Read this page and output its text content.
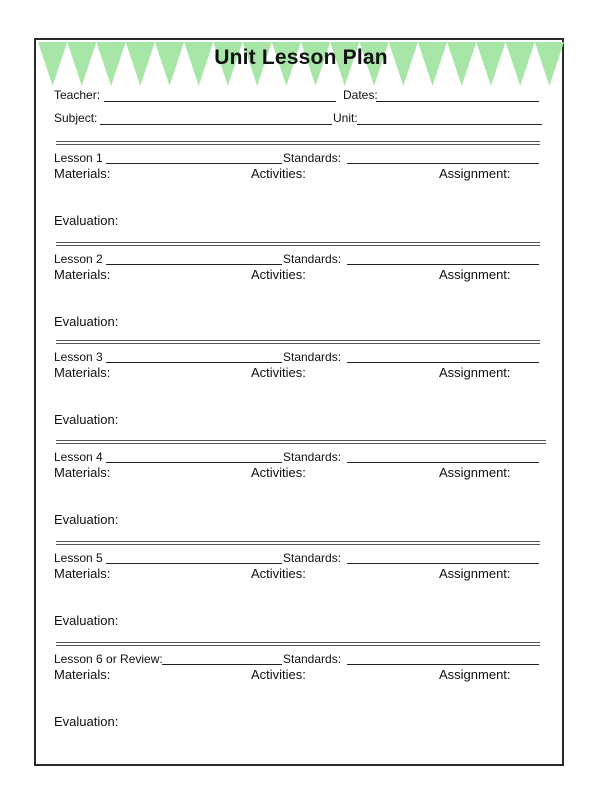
Unit Lesson Plan
Teacher:	Dates:
Subject:	Unit:
Lesson 1	Standards:
Materials:	Activities:	Assignment:
Evaluation:
Lesson 2	Standards:
Materials:	Activities:	Assignment:
Evaluation:
Lesson 3	Standards:
Materials:	Activities:	Assignment:
Evaluation:
Lesson 4	Standards:
Materials:	Activities:	Assignment:
Evaluation:
Lesson 5	Standards:
Materials:	Activities:	Assignment:
Evaluation:
Lesson 6 or Review:	Standards:
Materials:	Activities:	Assignment:
Evaluation:
